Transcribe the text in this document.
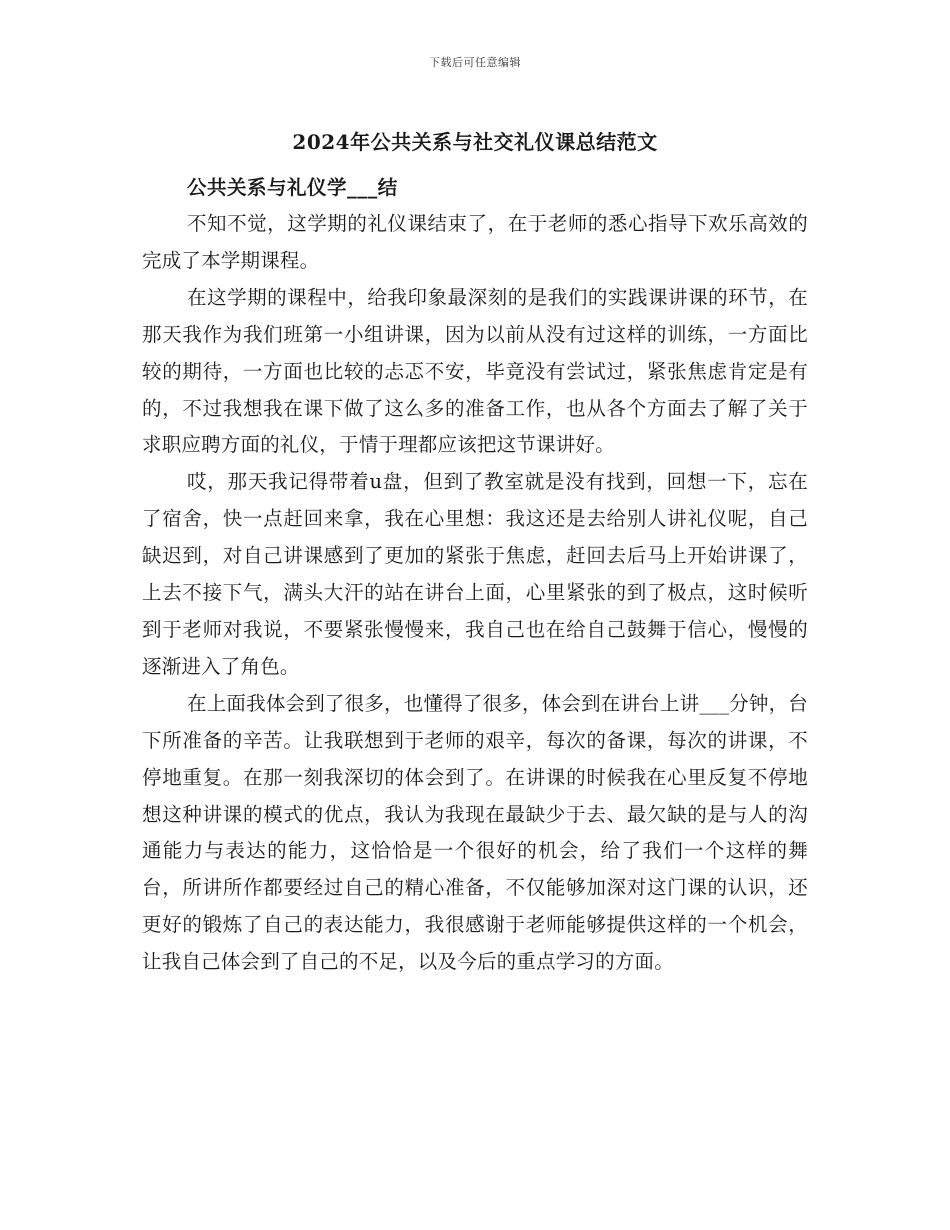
下载后可任意编辑
2024年公共关系与社交礼仪课总结范文
公共关系与礼仪学___结

不知不觉，这学期的礼仪课结束了，在于老师的悉心指导下欢乐高效的完成了本学期课程。

在这学期的课程中，给我印象最深刻的是我们的实践课讲课的环节，在那天我作为我们班第一小组讲课，因为以前从没有过这样的训练，一方面比较的期待，一方面也比较的忐忑不安，毕竟没有尝试过，紧张焦虑肯定是有的，不过我想我在课下做了这么多的准备工作，也从各个方面去了解了关于求职应聘方面的礼仪，于情于理都应该把这节课讲好。

哎，那天我记得带着u盘，但到了教室就是没有找到，回想一下，忘在了宿舍，快一点赶回来拿，我在心里想：我这还是去给别人讲礼仪呢，自己缺迟到，对自己讲课感到了更加的紧张于焦虑，赶回去后马上开始讲课了，上去不接下气，满头大汗的站在讲台上面，心里紧张的到了极点，这时候听到于老师对我说，不要紧张慢慢来，我自己也在给自己鼓舞于信心，慢慢的逐渐进入了角色。

在上面我体会到了很多，也懂得了很多，体会到在讲台上讲___分钟，台下所准备的辛苦。让我联想到于老师的艰辛，每次的备课，每次的讲课，不停地重复。在那一刻我深切的体会到了。在讲课的时候我在心里反复不停地想这种讲课的模式的优点，我认为我现在最缺少于去、最欠缺的是与人的沟通能力与表达的能力，这恰恰是一个很好的机会，给了我们一个这样的舞台，所讲所作都要经过自己的精心准备，不仅能够加深对这门课的认识，还更好的锻炼了自己的表达能力，我很感谢于老师能够提供这样的一个机会，让我自己体会到了自己的不足，以及今后的重点学习的方面。
